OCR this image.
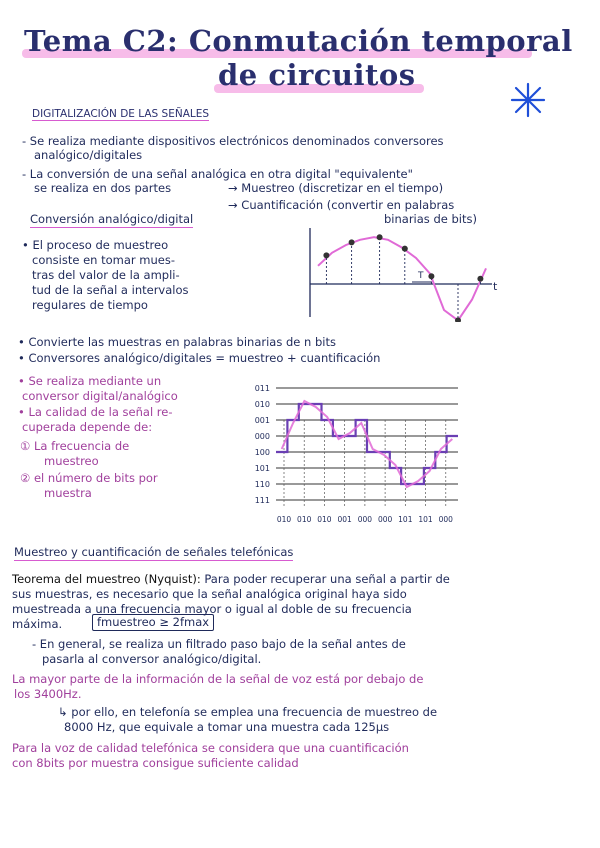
Tema C2: Conmutación temporal
de circuitos
DIGITALIZACIÓN DE LAS SEÑALES
- Se realiza mediante dispositivos electrónicos denominados conversores
analógico/digitales
- La conversión de una señal analógica en otra digital "equivalente"
se realiza en dos partes	→ Muestreo (discretizar en el tiempo)
→ Cuantificación (convertir en palabras
binarias de bits)
Conversión analógico/digital
• El proceso de muestreo
consiste en tomar mues-
tras del valor de la ampli-
tud de la señal a intervalos
regulares de tiempo
t
T
• Convierte las muestras en palabras binarias de n bits
• Conversores analógico/digitales = muestreo + cuantificación
• Se realiza mediante un
conversor digital/analógico
• La calidad de la señal re-
cuperada depende de:
① La frecuencia de
muestreo
② el número de bits por
muestra
011
010
001
000
100
101
110
111
010 010 010 001 000 000 101 101 000
Muestreo y cuantificación de señales telefónicas
Teorema del muestreo (Nyquist): Para poder recuperar una señal a partir de
sus muestras, es necesario que la señal analógica original haya sido
muestreada a una frecuencia mayor o igual al doble de su frecuencia
máxima.	fmuestreo ≥ 2fmax
- En general, se realiza un filtrado paso bajo de la señal antes de
pasarla al conversor analógico/digital.
La mayor parte de la información de la señal de voz está por debajo de
los 3400Hz.
↳ por ello, en telefonía se emplea una frecuencia de muestreo de
8000 Hz, que equivale a tomar una muestra cada 125μs
Para la voz de calidad telefónica se considera que una cuantificación
con 8bits por muestra consigue suficiente calidad
